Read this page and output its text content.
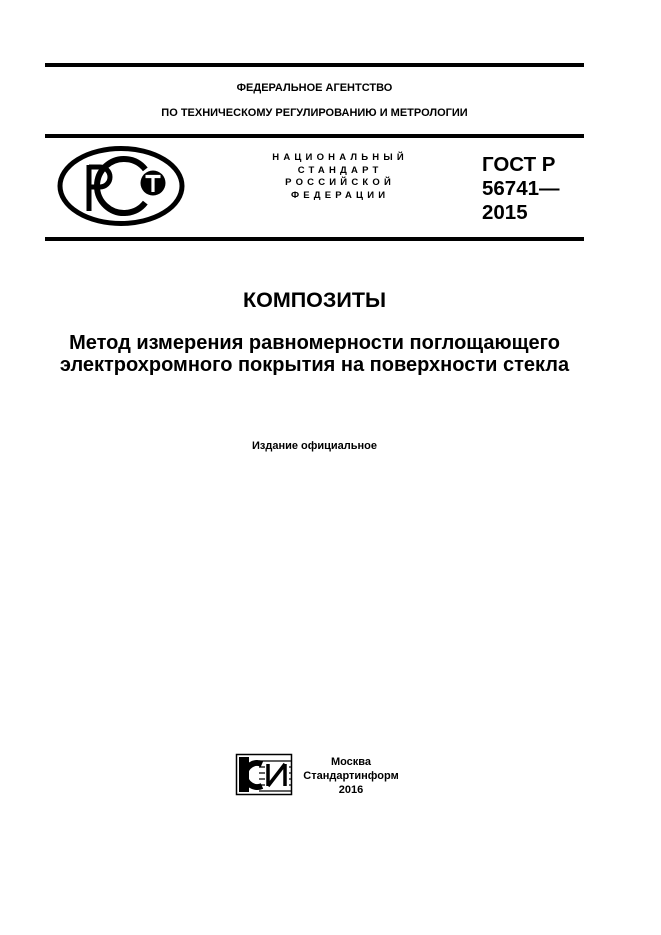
ФЕДЕРАЛЬНОЕ АГЕНТСТВО
ПО ТЕХНИЧЕСКОМУ РЕГУЛИРОВАНИЮ И МЕТРОЛОГИИ
НАЦИОНАЛЬНЫЙ
СТАНДАРТ
РОССИЙСКОЙ
ФЕДЕРАЦИИ
ГОСТ Р
56741—
2015
КОМПОЗИТЫ
Метод измерения равномерности поглощающего
электрохромного покрытия на поверхности стекла
Издание официальное
Москва
Стандартинформ
2016
